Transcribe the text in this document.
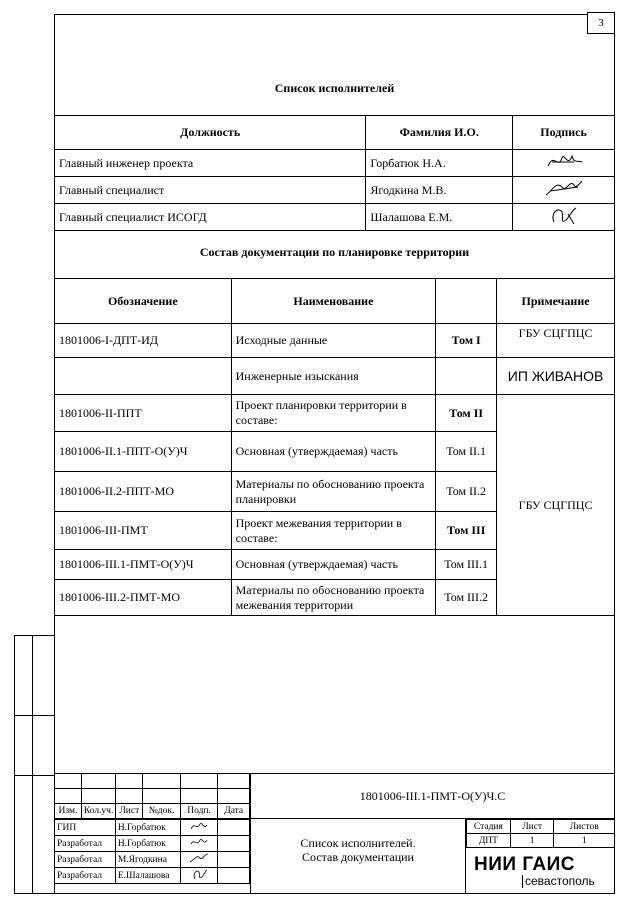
3
Список исполнителей
Должность	Фамилия И.О.	Подпись
Главный инженер проекта	Горбатюк Н.А.	
Главный специалист	Ягодкина М.В.	
Главный специалист ИСОГД	Шалашова Е.М.	
Состав документации по планировке территории
Обозначение	Наименование		Примечание
1801006-I-ДПТ-ИД	Исходные данные	Том I	ГБУ СЦГПЦС
	Инженерные изыскания		ИП ЖИВАНОВ
1801006-II-ППТ	Проект планировки территории в составе:	Том II	ГБУ СЦГПЦС
1801006-II.1-ППТ-О(У)Ч	Основная (утверждаемая) часть	Том II.1	
1801006-II.2-ППТ-МО	Материалы по обоснованию проекта планировки	Том II.2	
1801006-III-ПМТ	Проект межевания территории в составе:	Том III	
1801006-III.1-ПМТ-О(У)Ч	Основная (утверждаемая) часть	Том III.1	
1801006-III.2-ПМТ-МО	Материалы по обоснованию проекта межевания территории	Том III.2	

Изм.	Кол.уч.	Лист	№док.	Подп.	Дата
ГИП	Н.Горбатюк		
Разработал	Н.Горбатюк		
Разработал	М.Ягодкина		
Разработал	Е.Шалашова		
1801006-III.1-ПМТ-О(У)Ч.С
Список исполнителей.
Состав документации
Стадия	Лист	Листов
ДПТ	1	1
НИИ ГАИС
севастополь
